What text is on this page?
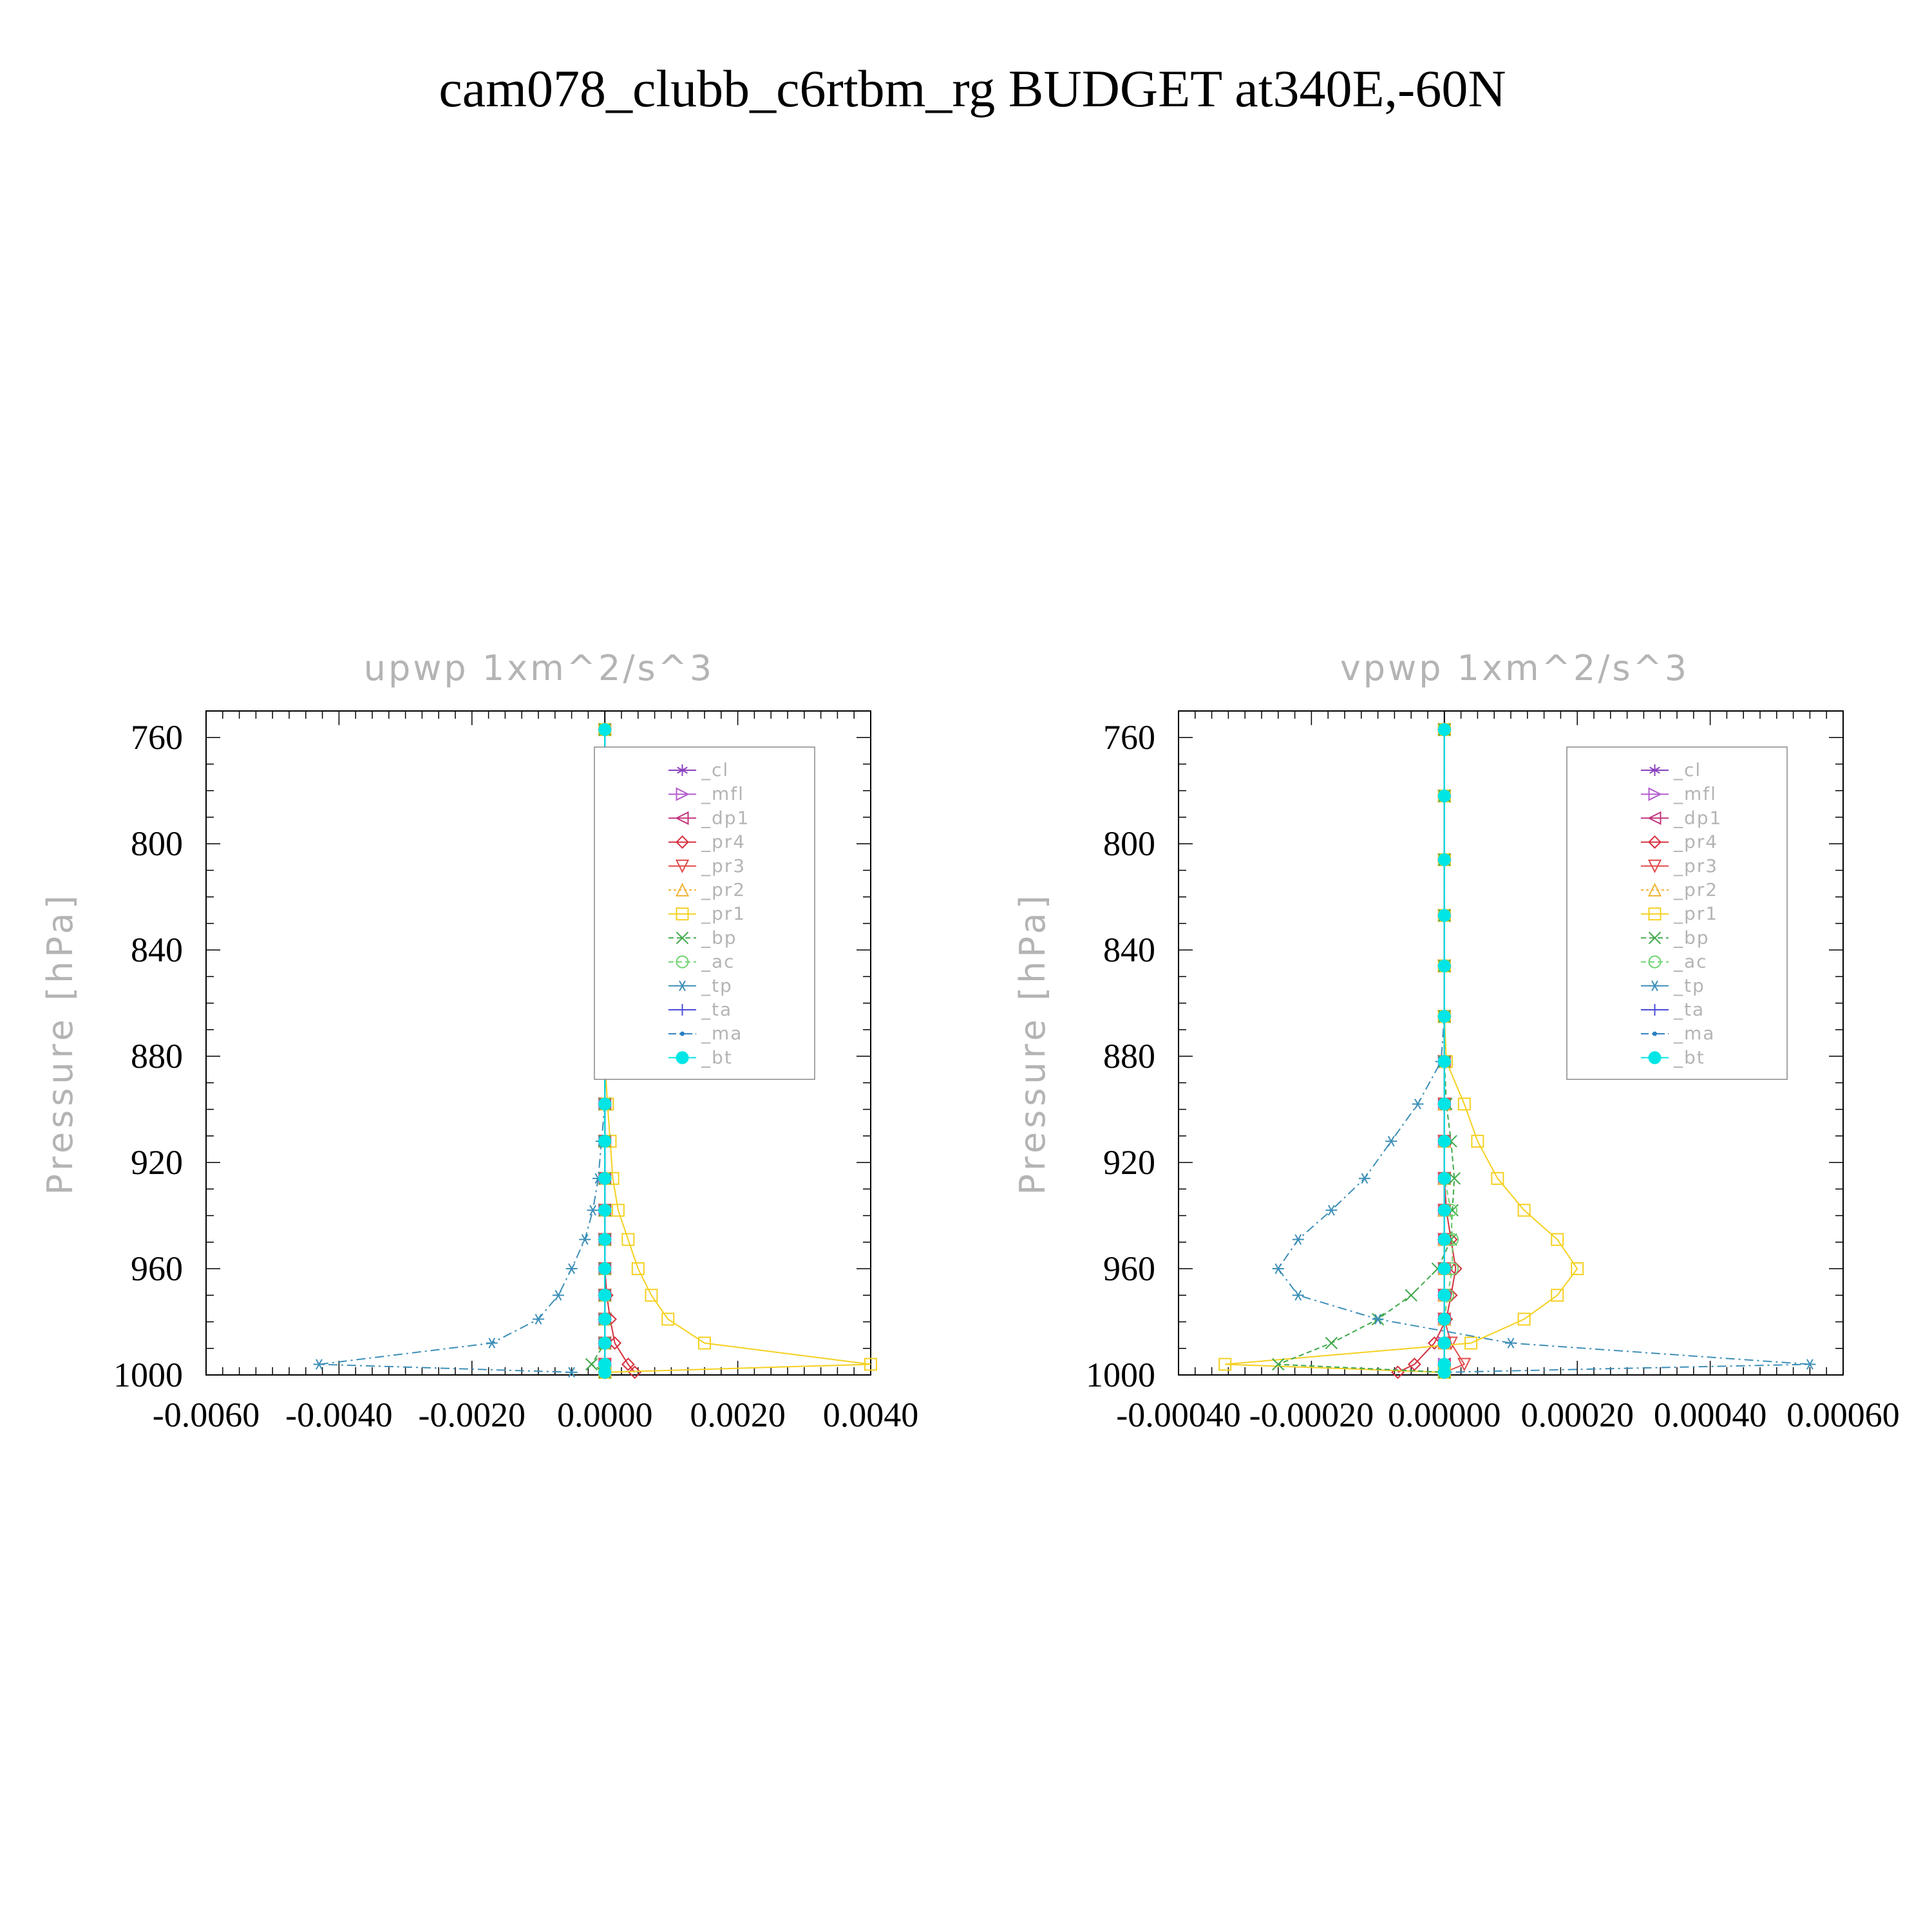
cam078_clubb_c6rtbm_rg BUDGET at340E,-60N
upwp 1xm^2/s^3
Pressure [hPa]
-0.0060 -0.0040 -0.0020 0.0000 0.0020 0.0040
760
800
840
880
920
960
1000
_cl
_mfl
_dp1
_pr4
_pr3
_pr2
_pr1
_bp
_ac
_tp
_ta
_ma
_bt
vpwp 1xm^2/s^3
Pressure [hPa]
-0.00040 -0.00020 0.00000 0.00020 0.00040 0.00060
760
800
840
880
920
960
1000
_cl
_mfl
_dp1
_pr4
_pr3
_pr2
_pr1
_bp
_ac
_tp
_ta
_ma
_bt
